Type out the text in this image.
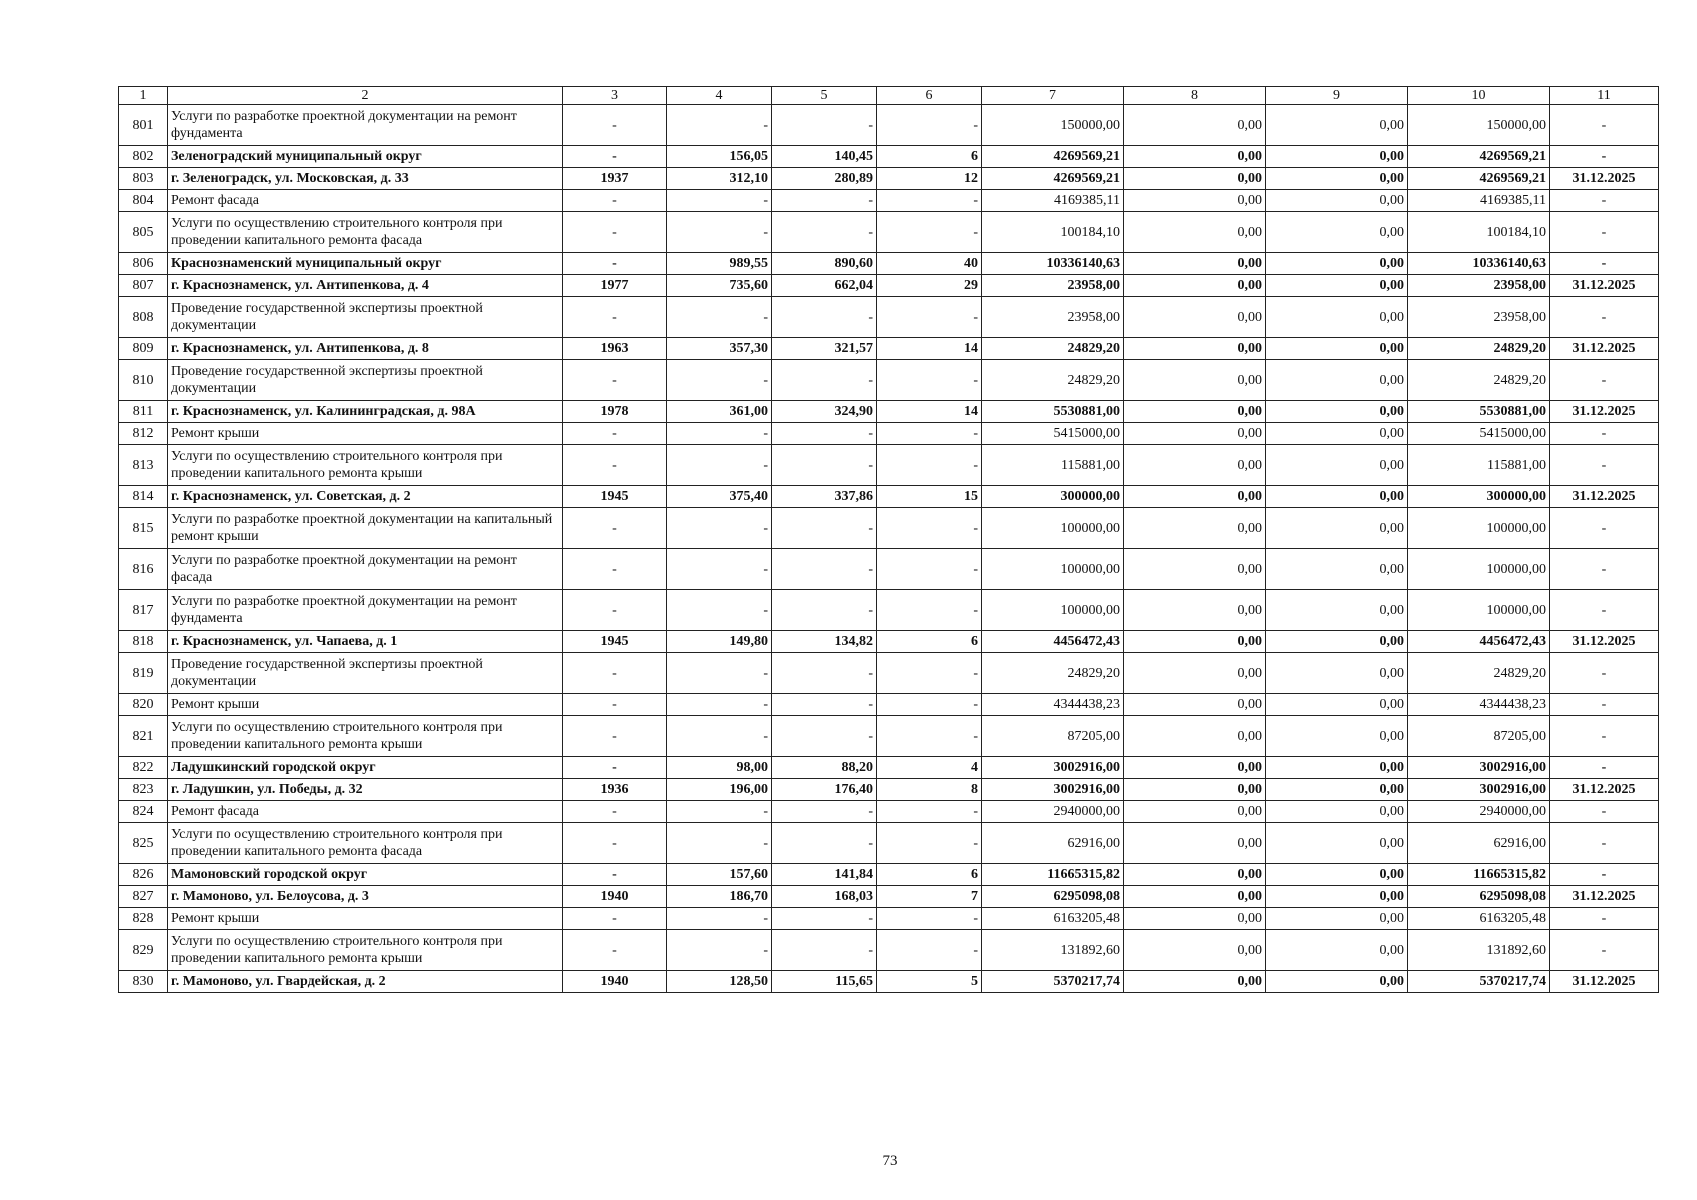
1	2	3	4	5	6	7	8	9	10	11
801	Услуги по разработке проектной документации на ремонт фундамента	-	-	-	-	150000,00	0,00	0,00	150000,00	-
802	Зеленоградский муниципальный округ	-	156,05	140,45	6	4269569,21	0,00	0,00	4269569,21	-
803	г. Зеленоградск, ул. Московская, д. 33	1937	312,10	280,89	12	4269569,21	0,00	0,00	4269569,21	31.12.2025
804	Ремонт фасада	-	-	-	-	4169385,11	0,00	0,00	4169385,11	-
805	Услуги по осуществлению строительного контроля при проведении капитального ремонта фасада	-	-	-	-	100184,10	0,00	0,00	100184,10	-
806	Краснознаменский муниципальный округ	-	989,55	890,60	40	10336140,63	0,00	0,00	10336140,63	-
807	г. Краснознаменск, ул. Антипенкова, д. 4	1977	735,60	662,04	29	23958,00	0,00	0,00	23958,00	31.12.2025
808	Проведение государственной экспертизы проектной документации	-	-	-	-	23958,00	0,00	0,00	23958,00	-
809	г. Краснознаменск, ул. Антипенкова, д. 8	1963	357,30	321,57	14	24829,20	0,00	0,00	24829,20	31.12.2025
810	Проведение государственной экспертизы проектной документации	-	-	-	-	24829,20	0,00	0,00	24829,20	-
811	г. Краснознаменск, ул. Калининградская, д. 98А	1978	361,00	324,90	14	5530881,00	0,00	0,00	5530881,00	31.12.2025
812	Ремонт крыши	-	-	-	-	5415000,00	0,00	0,00	5415000,00	-
813	Услуги по осуществлению строительного контроля при проведении капитального ремонта крыши	-	-	-	-	115881,00	0,00	0,00	115881,00	-
814	г. Краснознаменск, ул. Советская, д. 2	1945	375,40	337,86	15	300000,00	0,00	0,00	300000,00	31.12.2025
815	Услуги по разработке проектной документации на капитальный ремонт крыши	-	-	-	-	100000,00	0,00	0,00	100000,00	-
816	Услуги по разработке проектной документации на ремонт фасада	-	-	-	-	100000,00	0,00	0,00	100000,00	-
817	Услуги по разработке проектной документации на ремонт фундамента	-	-	-	-	100000,00	0,00	0,00	100000,00	-
818	г. Краснознаменск, ул. Чапаева, д. 1	1945	149,80	134,82	6	4456472,43	0,00	0,00	4456472,43	31.12.2025
819	Проведение государственной экспертизы проектной документации	-	-	-	-	24829,20	0,00	0,00	24829,20	-
820	Ремонт крыши	-	-	-	-	4344438,23	0,00	0,00	4344438,23	-
821	Услуги по осуществлению строительного контроля при проведении капитального ремонта крыши	-	-	-	-	87205,00	0,00	0,00	87205,00	-
822	Ладушкинский городской округ	-	98,00	88,20	4	3002916,00	0,00	0,00	3002916,00	-
823	г. Ладушкин, ул. Победы, д. 32	1936	196,00	176,40	8	3002916,00	0,00	0,00	3002916,00	31.12.2025
824	Ремонт фасада	-	-	-	-	2940000,00	0,00	0,00	2940000,00	-
825	Услуги по осуществлению строительного контроля при проведении капитального ремонта фасада	-	-	-	-	62916,00	0,00	0,00	62916,00	-
826	Мамоновский городской округ	-	157,60	141,84	6	11665315,82	0,00	0,00	11665315,82	-
827	г. Мамоново, ул. Белоусова, д. 3	1940	186,70	168,03	7	6295098,08	0,00	0,00	6295098,08	31.12.2025
828	Ремонт крыши	-	-	-	-	6163205,48	0,00	0,00	6163205,48	-
829	Услуги по осуществлению строительного контроля при проведении капитального ремонта крыши	-	-	-	-	131892,60	0,00	0,00	131892,60	-
830	г. Мамоново, ул. Гвардейская, д. 2	1940	128,50	115,65	5	5370217,74	0,00	0,00	5370217,74	31.12.2025
73
